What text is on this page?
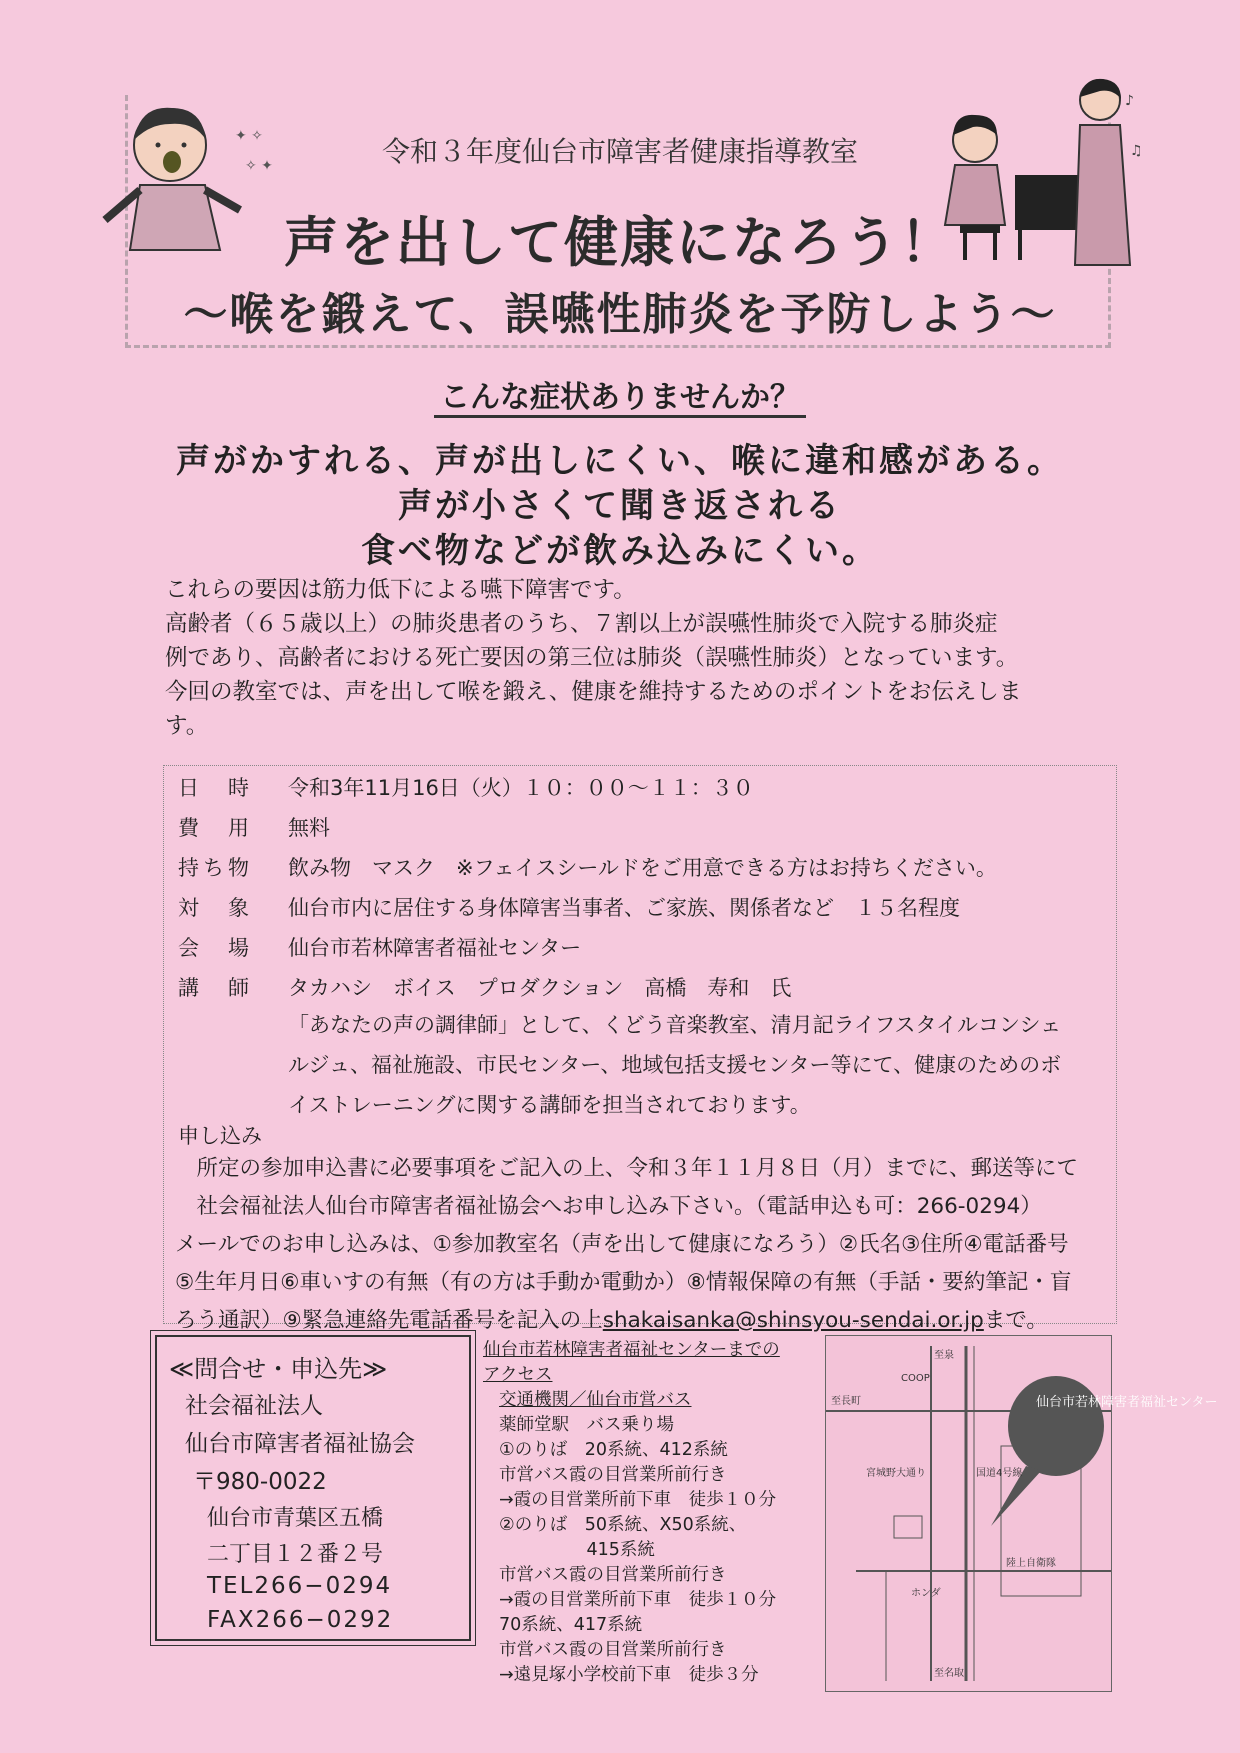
✦ ✧
✧ ✦
♪
♫
令和３年度仙台市障害者健康指導教室
声を出して健康になろう！
〜喉を鍛えて、誤嚥性肺炎を予防しよう〜
こんな症状ありませんか？
声がかすれる、声が出しにくい、喉に違和感がある。
声が小さくて聞き返される
食べ物などが飲み込みにくい。
これらの要因は筋力低下による嚥下障害です。
高齢者（６５歳以上）の肺炎患者のうち、７割以上が誤嚥性肺炎で入院する肺炎症
例であり、高齢者における死亡要因の第三位は肺炎（誤嚥性肺炎）となっています。
今回の教室では、声を出して喉を鍛え、健康を維持するためのポイントをお伝えしま
す。
日　時	令和3年11月16日（火）１０：００〜１１：３０
費　用	無料
持ち物	飲み物　マスク　※フェイスシールドをご用意できる方はお持ちください。
対　象	仙台市内に居住する身体障害当事者、ご家族、関係者など　１５名程度
会　場	仙台市若林障害者福祉センター
講　師	タカハシ　ボイス　プロダクション　高橋　寿和　氏
「あなたの声の調律師」として、くどう音楽教室、清月記ライフスタイルコンシェ
ルジュ、福祉施設、市民センター、地域包括支援センター等にて、健康のためのボ
イストレーニングに関する講師を担当されております。
申し込み
　所定の参加申込書に必要事項をご記入の上、令和３年１１月８日（月）までに、郵送等にて
　社会福祉法人仙台市障害者福祉協会へお申し込み下さい。（電話申込も可：266-0294）
メールでのお申し込みは、①参加教室名（声を出して健康になろう）②氏名③住所④電話番号
⑤生年月日⑥車いすの有無（有の方は手動か電動か）⑧情報保障の有無（手話・要約筆記・盲
ろう通訳）⑨緊急連絡先電話番号を記入の上shakaisanka@shinsyou-sendai.or.jpまで。
≪問合せ・申込先≫
社会福祉法人
仙台市障害者福祉協会
〒980-0022
仙台市青葉区五橋
二丁目１２番２号
TEL266−0294
FAX266−0292
仙台市若林障害者福祉センターまでの
アクセス
交通機関／仙台市営バス
薬師堂駅　バス乗り場
①のりば　20系統、412系統
市営バス霞の目営業所前行き
→霞の目営業所前下車　徒歩１０分
②のりば　50系統、X50系統、
　　　　　415系統
市営バス霞の目営業所前行き
→霞の目営業所前下車　徒歩１０分
70系統、417系統
市営バス霞の目営業所前行き
→遠見塚小学校前下車　徒歩３分
仙台市若林障害者福祉センター
至泉
至長町
至名取
国道4号線
宮城野大通り
COOP
陸上自衛隊
ホンダ
